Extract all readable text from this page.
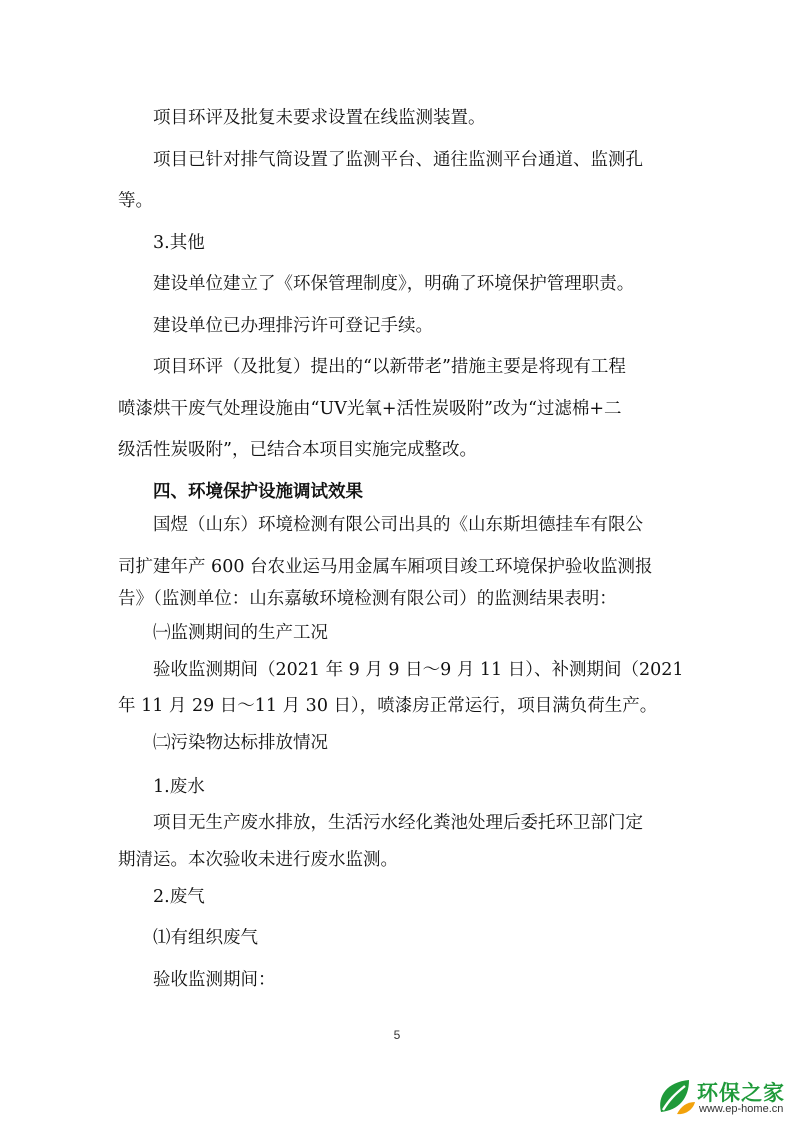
项目环评及批复未要求设置在线监测装置。
项目已针对排气筒设置了监测平台、通往监测平台通道、监测孔
等。
3.其他
建设单位建立了《环保管理制度》，明确了环境保护管理职责。
建设单位已办理排污许可登记手续。
项目环评（及批复）提出的“以新带老”措施主要是将现有工程
喷漆烘干废气处理设施由“UV光氧+活性炭吸附”改为“过滤棉+二
级活性炭吸附”，已结合本项目实施完成整改。
四、环境保护设施调试效果
国煜（山东）环境检测有限公司出具的《山东斯坦德挂车有限公
司扩建年产 600 台农业运马用金属车厢项目竣工环境保护验收监测报
告》（监测单位：山东嘉敏环境检测有限公司）的监测结果表明：
㈠监测期间的生产工况
验收监测期间（2021 年 9 月 9 日～9 月 11 日）、补测期间（2021
年 11 月 29 日～11 月 30 日），喷漆房正常运行，项目满负荷生产。
㈡污染物达标排放情况
1.废水
项目无生产废水排放，生活污水经化粪池处理后委托环卫部门定
期清运。本次验收未进行废水监测。
2.废气
⑴有组织废气
验收监测期间：
5
环保之家
www.ep-home.cn
